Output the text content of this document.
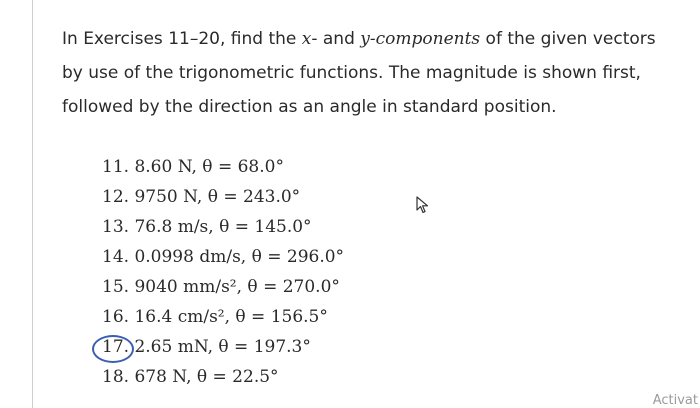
In Exercises 11–20, find the x- and y-components of the given vectors by use of the trigonometric functions. The magnitude is shown first, followed by the direction as an angle in standard position.
11. 8.60 N, θ = 68.0°
12. 9750 N, θ = 243.0°
13. 76.8 m/s, θ = 145.0°
14. 0.0998 dm/s, θ = 296.0°
15. 9040 mm/s², θ = 270.0°
16. 16.4 cm/s², θ = 156.5°
17. 2.65 mN, θ = 197.3°
18. 678 N, θ = 22.5°
Activat
